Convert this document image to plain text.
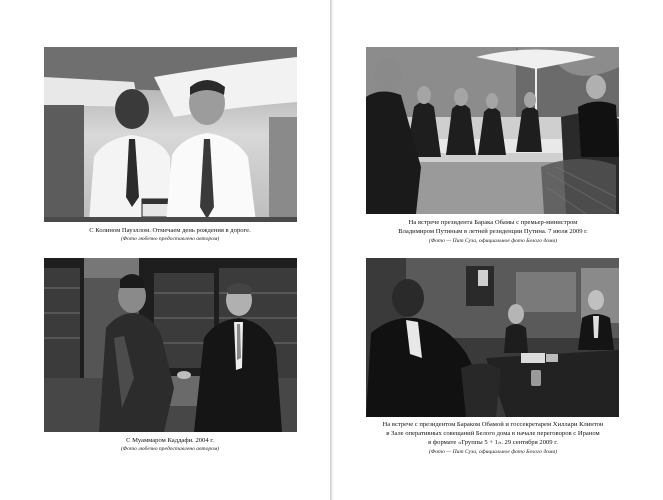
С Колином Пауэллом. Отмечаем день рождения в дороге.
(Фото любезно предоставлено автором)
С Муаммаром Каддафи. 2004 г.
(Фото любезно предоставлено автором)
На встрече президента Барака Обамы с премьер-министром
Владимиром Путиным в летней резиденции Путина. 7 июля 2009 г.
(Фото — Пит Суза, официальное фото Белого дома)
На встрече с президентом Бараком Обамой и госсекретарем Хиллари Клинтон
в Зале оперативных совещаний Белого дома в начале переговоров с Ираном
в формате «Группы 5 + 1». 29 сентября 2009 г.
(Фото — Пит Суза, официальное фото Белого дома)
